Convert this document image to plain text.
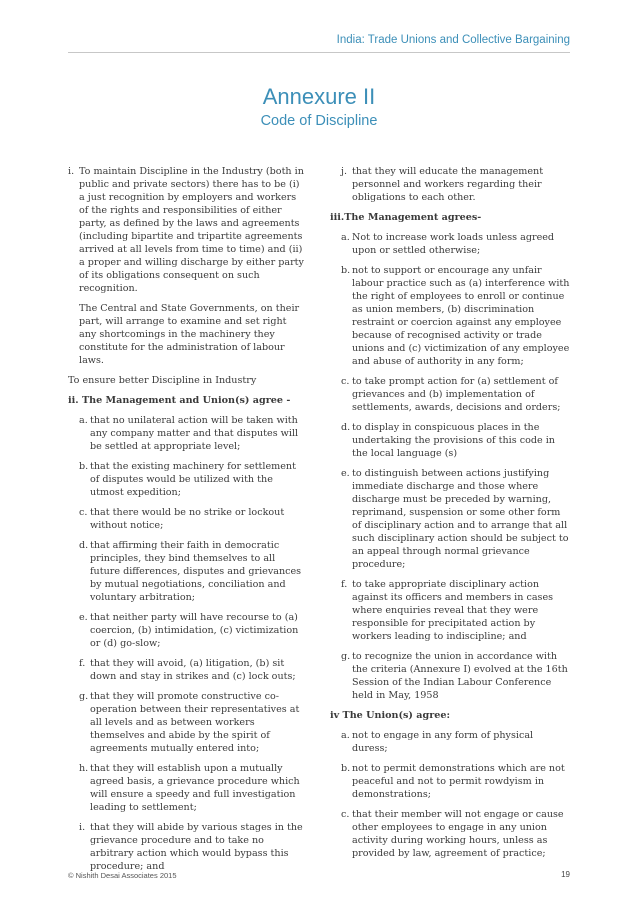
India: Trade Unions and Collective Bargaining
Annexure II
Code of Discipline
i. To maintain Discipline in the Industry (both in public and private sectors) there has to be (i) a just recognition by employers and workers of the rights and responsibilities of either party, as defined by the laws and agreements (including bipartite and tripartite agreements arrived at all levels from time to time) and (ii) a proper and willing discharge by either party of its obligations consequent on such recognition.

The Central and State Governments, on their part, will arrange to examine and set right any shortcomings in the machinery they constitute for the administration of labour laws.

To ensure better Discipline in Industry

ii. The Management and Union(s) agree -

a. that no unilateral action will be taken with any company matter and that disputes will be settled at appropriate level;
b. that the existing machinery for settlement of disputes would be utilized with the utmost expedition;
c. that there would be no strike or lockout without notice;
d. that affirming their faith in democratic principles, they bind themselves to all future differences, disputes and grievances by mutual negotiations, conciliation and voluntary arbitration;
e. that neither party will have recourse to (a) coercion, (b) intimidation, (c) victimization or (d) go-slow;
f. that they will avoid, (a) litigation, (b) sit down and stay in strikes and (c) lock outs;
g. that they will promote constructive co-operation between their representatives at all levels and as between workers themselves and abide by the spirit of agreements mutually entered into;
h. that they will establish upon a mutually agreed basis, a grievance procedure which will ensure a speedy and full investigation leading to settlement;
i. that they will abide by various stages in the grievance procedure and to take no arbitrary action which would bypass this procedure; and
j. that they will educate the management personnel and workers regarding their obligations to each other.

iii.The Management agrees-

a. Not to increase work loads unless agreed upon or settled otherwise;
b. not to support or encourage any unfair labour practice such as (a) interference with the right of employees to enroll or continue as union members, (b) discrimination restraint or coercion against any employee because of recognised activity or trade unions and (c) victimization of any employee and abuse of authority in any form;
c. to take prompt action for (a) settlement of grievances and (b) implementation of settlements, awards, decisions and orders;
d. to display in conspicuous places in the undertaking the provisions of this code in the local language (s)
e. to distinguish between actions justifying immediate discharge and those where discharge must be preceded by warning, reprimand, suspension or some other form of disciplinary action and to arrange that all such disciplinary action should be subject to an appeal through normal grievance procedure;
f. to take appropriate disciplinary action against its officers and members in cases where enquiries reveal that they were responsible for precipitated action by workers leading to indiscipline; and
g. to recognize the union in accordance with the criteria (Annexure I) evolved at the 16th Session of the Indian Labour Conference held in May, 1958

iv The Union(s) agree:

a. not to engage in any form of physical duress;
b. not to permit demonstrations which are not peaceful and not to permit rowdyism in demonstrations;
c. that their member will not engage or cause other employees to engage in any union activity during working hours, unless as provided by law, agreement of practice;
© Nishith Desai Associates 2015	19
